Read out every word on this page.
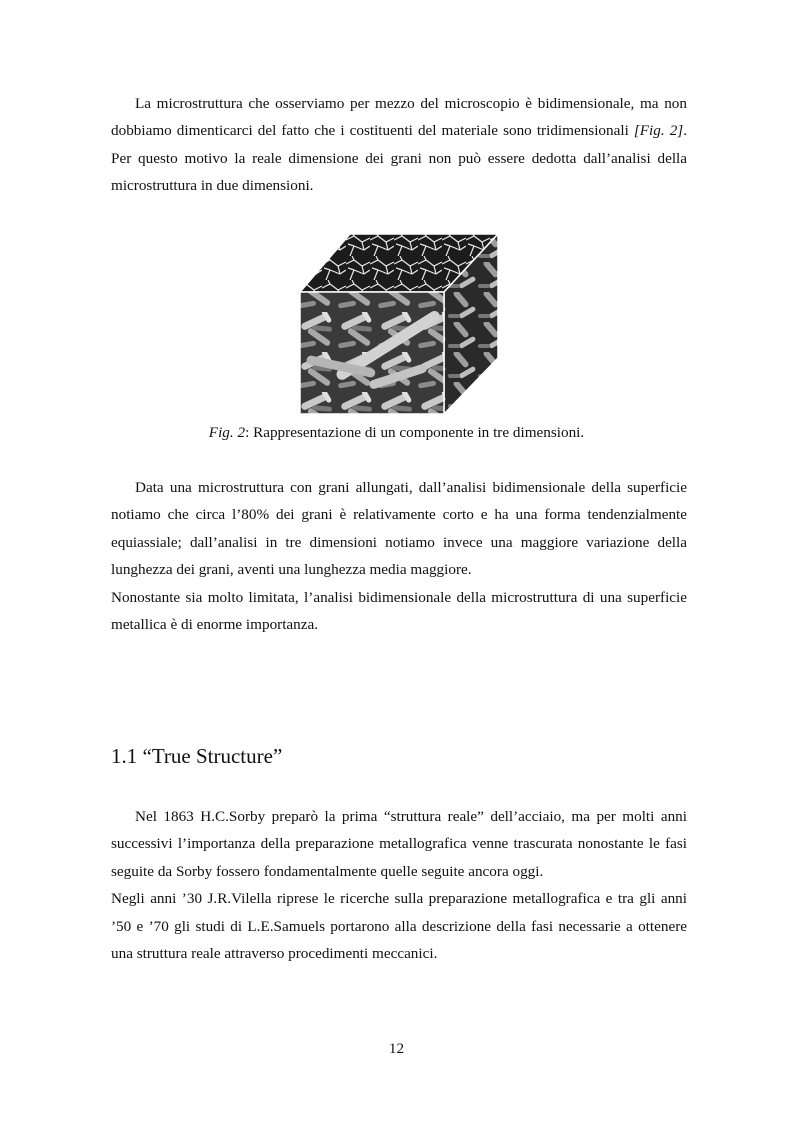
La microstruttura che osserviamo per mezzo del microscopio è bidimensionale, ma non dobbiamo dimenticarci del fatto che i costituenti del materiale sono tridimensionali [Fig. 2]. Per questo motivo la reale dimensione dei grani non può essere dedotta dall’analisi della microstruttura in due dimensioni.

Fig. 2: Rappresentazione di un componente in tre dimensioni.

Data una microstruttura con grani allungati, dall’analisi bidimensionale della superficie notiamo che circa l’80% dei grani è relativamente corto e ha una forma tendenzialmente equiassiale; dall’analisi in tre dimensioni notiamo invece una maggiore variazione della lunghezza dei grani, aventi una lunghezza media maggiore.

Nonostante sia molto limitata, l’analisi bidimensionale della microstruttura di una superficie metallica è di enorme importanza.

1.1 “True Structure”

Nel 1863 H.C.Sorby preparò la prima “struttura reale” dell’acciaio, ma per molti anni successivi l’importanza della preparazione metallografica venne trascurata nonostante le fasi seguite da Sorby fossero fondamentalmente quelle seguite ancora oggi.

Negli anni ’30 J.R.Vilella riprese le ricerche sulla preparazione metallografica e tra gli anni ’50 e ’70 gli studi di L.E.Samuels portarono alla descrizione della fasi necessarie a ottenere una struttura reale attraverso procedimenti meccanici.

12
